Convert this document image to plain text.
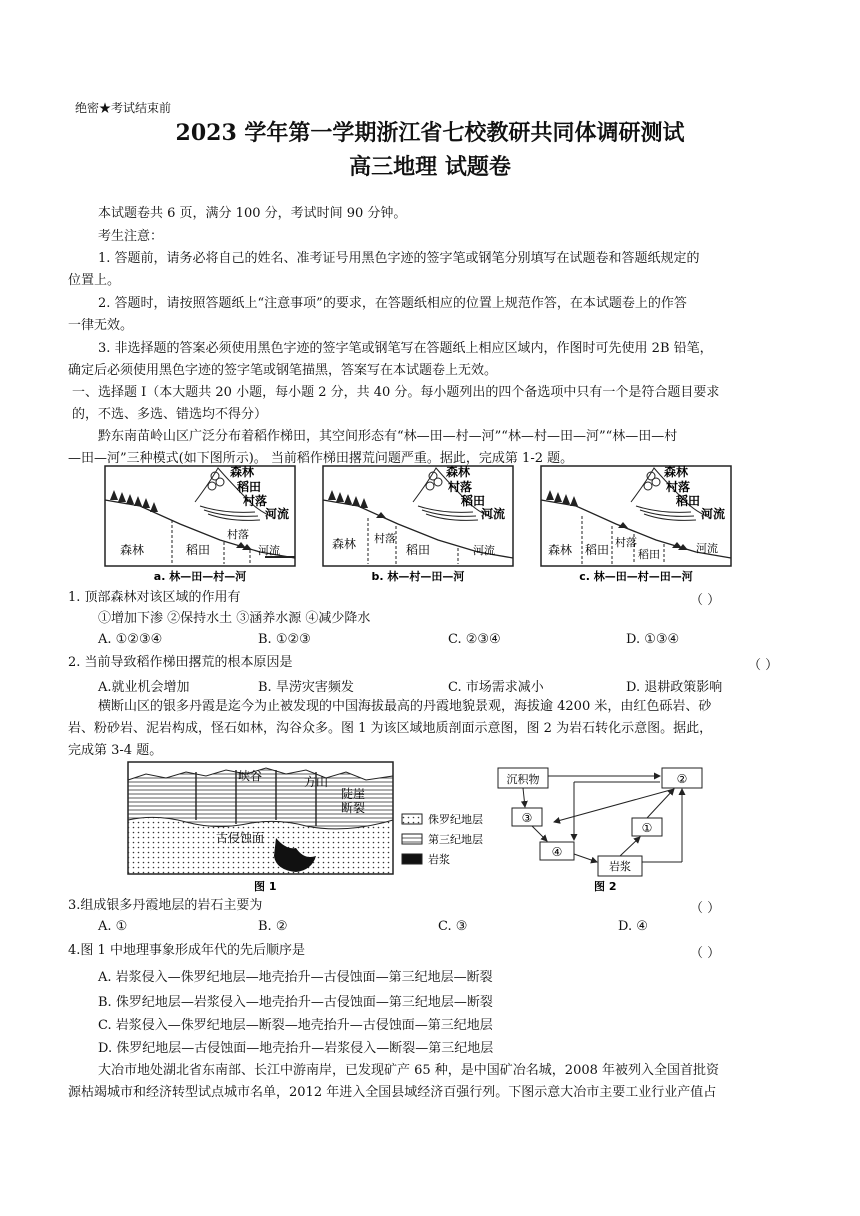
绝密★考试结束前
2023 学年第一学期浙江省七校教研共同体调研测试
高三地理 试题卷
本试题卷共 6 页，满分 100 分，考试时间 90 分钟。
考生注意：
1. 答题前，请务必将自己的姓名、准考证号用黑色字迹的签字笔或钢笔分别填写在试题卷和答题纸规定的
位置上。
2. 答题时，请按照答题纸上“注意事项”的要求，在答题纸相应的位置上规范作答，在本试题卷上的作答
一律无效。
3. 非选择题的答案必须使用黑色字迹的签字笔或钢笔写在答题纸上相应区域内，作图时可先使用 2B 铅笔，
确定后必须使用黑色字迹的签字笔或钢笔描黑，答案写在本试题卷上无效。
一、选择题 I（本大题共 20 小题，每小题 2 分，共 40 分。每小题列出的四个备选项中只有一个是符合题目要求
的，不选、多选、错选均不得分）
黔东南苗岭山区广泛分布着稻作梯田，其空间形态有“林—田—村—河”“林—村—田—河”“林—田—村
—田—河”三种模式(如下图所示)。 当前稻作梯田撂荒问题严重。据此，完成第 1-2 题。
森林	稻田
村落
河流
森林
稻田
村落
河流
a. 林—田—村—河
森林 村落
稻田	河流
森林
村落
稻田
河流
b. 林—村—田—河
森林 稻田
村落
稻田	河流
森林
村落
稻田
河流
c. 林—田—村—田—河
1. 顶部森林对该区域的作用有	（ ）
①增加下渗 ②保持水土 ③涵养水源 ④减少降水
A. ①②③④	B. ①②③	C. ②③④	D. ①③④
2. 当前导致稻作梯田撂荒的根本原因是	（ ）
A.就业机会增加	B. 旱涝灾害频发	C. 市场需求减小	D. 退耕政策影响
横断山区的银多丹霞是迄今为止被发现的中国海拔最高的丹霞地貌景观，海拔逾 4200 米，由红色砾岩、砂
岩、粉砂岩、泥岩构成，怪石如林，沟谷众多。图 1 为该区域地质剖面示意图，图 2 为岩石转化示意图。据此，
完成第 3-4 题。
峡谷	方山
陡崖
断裂
古侵蚀面
侏罗纪地层
第三纪地层
岩浆
图 1
沉积物	②
③
①
④
岩浆
图 2
3.组成银多丹霞地层的岩石主要为	（ ）
A. ①	B. ②	C. ③	D. ④
4.图 1 中地理事象形成年代的先后顺序是	（ ）
A. 岩浆侵入—侏罗纪地层—地壳抬升—古侵蚀面—第三纪地层—断裂
B. 侏罗纪地层—岩浆侵入—地壳抬升—古侵蚀面—第三纪地层—断裂
C. 岩浆侵入—侏罗纪地层—断裂—地壳抬升—古侵蚀面—第三纪地层
D. 侏罗纪地层—古侵蚀面—地壳抬升—岩浆侵入—断裂—第三纪地层
大冶市地处湖北省东南部、长江中游南岸，已发现矿产 65 种，是中国矿冶名城，2008 年被列入全国首批资
源枯竭城市和经济转型试点城市名单，2012 年进入全国县域经济百强行列。下图示意大冶市主要工业行业产值占
